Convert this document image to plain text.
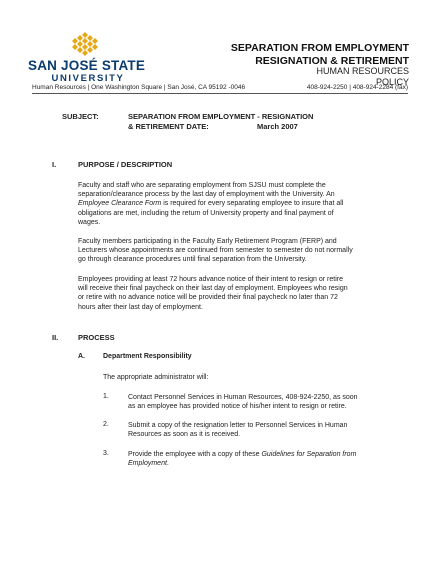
SAN JOSÉ STATE
UNIVERSITY
SEPARATION FROM EMPLOYMENT
RESIGNATION & RETIREMENT
HUMAN RESOURCES
POLICY
Human Resources | One Washington Square | San José, CA 95192 -0046	408-924-2250 | 408-924-2284 (fax)
SUBJECT:	SEPARATION FROM EMPLOYMENT - RESIGNATION
& RETIREMENT DATE:	March 2007
I.	PURPOSE / DESCRIPTION
Faculty and staff who are separating employment from SJSU must complete the
separation/clearance process by the last day of employment with the University. An
Employee Clearance Form is required for every separating employee to insure that all
obligations are met, including the return of University property and final payment of
wages.
Faculty members participating in the Faculty Early Retirement Program (FERP) and
Lecturers whose appointments are continued from semester to semester do not normally
go through clearance procedures until final separation from the University.
Employees providing at least 72 hours advance notice of their intent to resign or retire
will receive their final paycheck on their last day of employment. Employees who resign
or retire with no advance notice will be provided their final paycheck no later than 72
hours after their last day of employment.
II.	PROCESS
A.	Department Responsibility
The appropriate administrator will:
1.	Contact Personnel Services in Human Resources, 408-924-2250, as soon
as an employee has provided notice of his/her intent to resign or retire.
2.	Submit a copy of the resignation letter to Personnel Services in Human
Resources as soon as it is received.
3.	Provide the employee with a copy of these Guidelines for Separation from
Employment.
